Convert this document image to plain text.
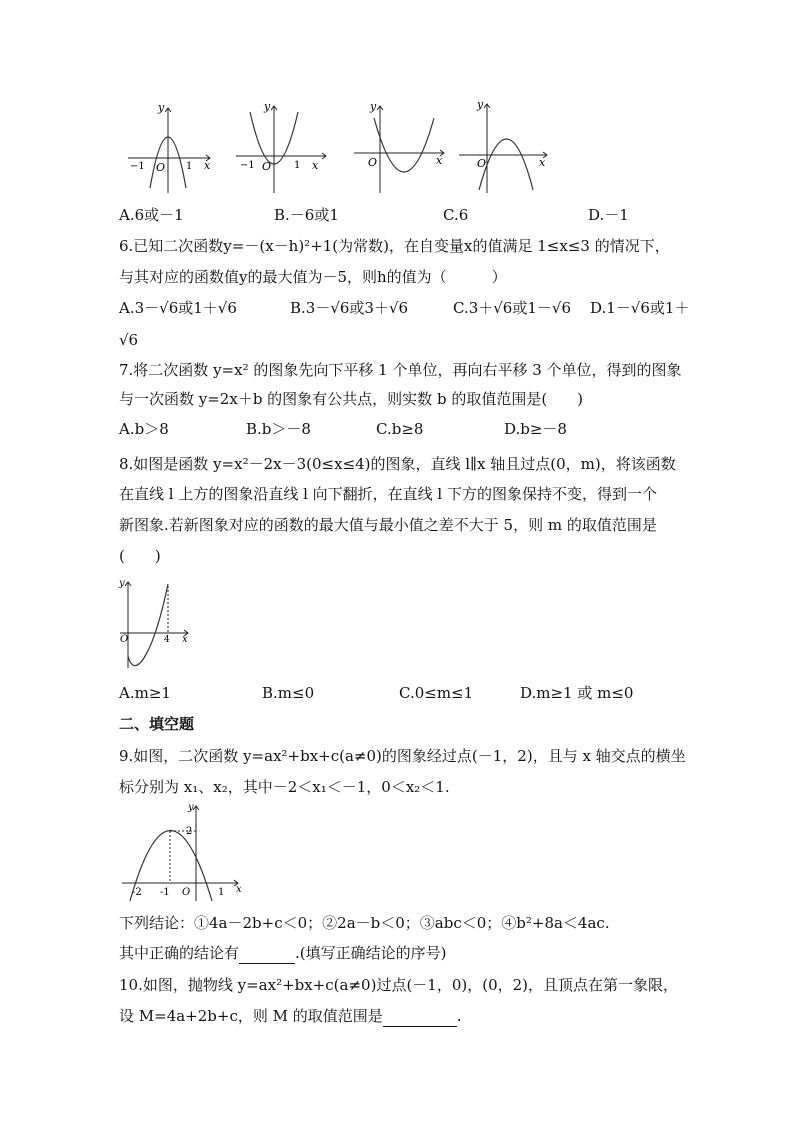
y
x
O
−1	1
y
x
O
−1	1
y
x
O
y
x
O
A.6或－1	B.－6或1	C.6	D.－1
6.已知二次函数y=－(x－h)²+1(为常数)，在自变量x的值满足 1≤x≤3 的情况下，
与其对应的函数值y的最大值为－5，则h的值为（　　　）
A.3－√6或1＋√6	B.3－√6或3＋√6	C.3＋√6或1－√6 D.1－√6或1＋
√6
7.将二次函数 y=x² 的图象先向下平移 1 个单位，再向右平移 3 个单位，得到的图象
与一次函数 y=2x＋b 的图象有公共点，则实数 b 的取值范围是(　　)
A.b＞8	B.b＞－8	C.b≥8	D.b≥－8
8.如图是函数 y=x²－2x－3(0≤x≤4)的图象，直线 l∥x 轴且过点(0，m)，将该函数
在直线 l 上方的图象沿直线 l 向下翻折，在直线 l 下方的图象保持不变，得到一个
新图象.若新图象对应的函数的最大值与最小值之差不大于 5，则 m 的取值范围是
(　　)
y
x
O	4
A.m≥1	B.m≤0	C.0≤m≤1	D.m≥1 或 m≤0
二、填空题
9.如图，二次函数 y=ax²+bx+c(a≠0)的图象经过点(－1，2)，且与 x 轴交点的横坐
标分别为 x₁、x₂，其中－2＜x₁＜－1，0＜x₂＜1.
y
x
O
2
-2 -1	1
下列结论：①4a－2b+c＜0；②2a－b＜0；③abc＜0；④b²+8a＜4ac.
其中正确的结论有	.(填写正确结论的序号)
10.如图，抛物线 y=ax²+bx+c(a≠0)过点(－1，0)，(0，2)，且顶点在第一象限，
设 M=4a+2b+c，则 M 的取值范围是	.
